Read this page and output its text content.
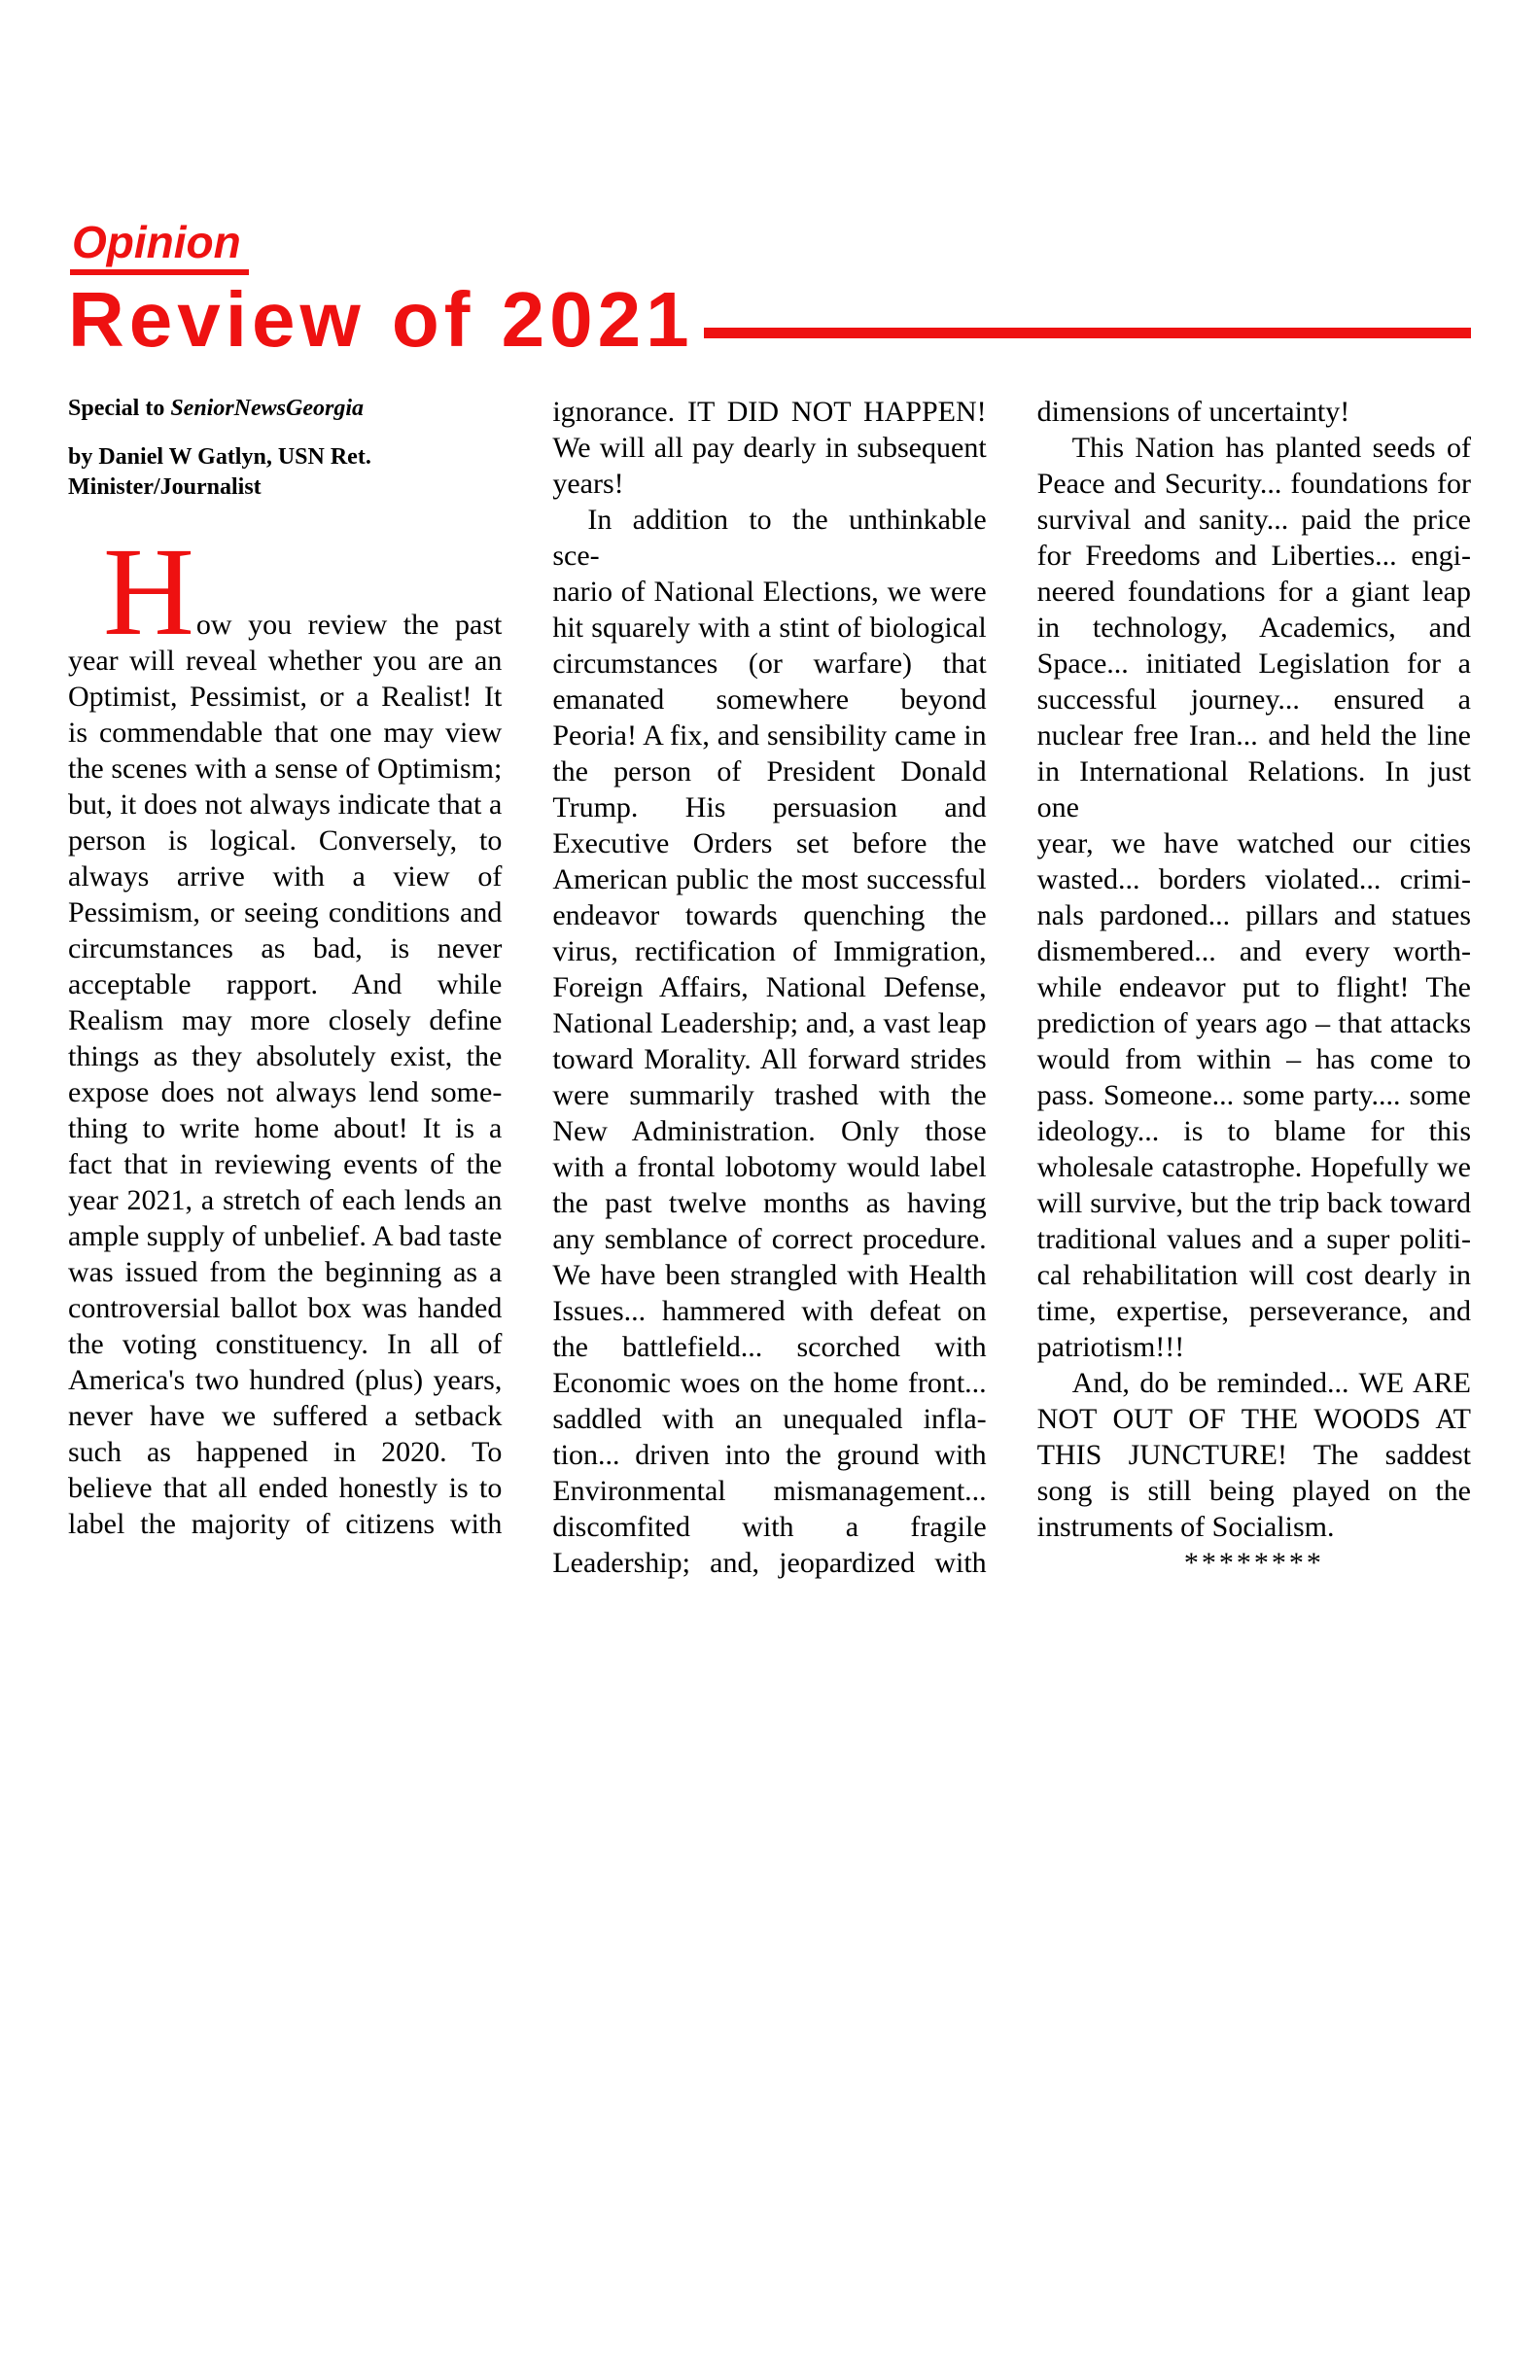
Opinion
Review of 2021
Special to SeniorNewsGeorgia
by Daniel W Gatlyn, USN Ret.
Minister/Journalist
H ow you review the past
year will reveal whether you are an
Optimist, Pessimist, or a Realist! It
is commendable that one may view
the scenes with a sense of Optimism;
but, it does not always indicate that a
person is logical. Conversely, to
always arrive with a view of
Pessimism, or seeing conditions and
circumstances as bad, is never
acceptable rapport. And while
Realism may more closely define
things as they absolutely exist, the
expose does not always lend some-
thing to write home about! It is a
fact that in reviewing events of the
year 2021, a stretch of each lends an
ample supply of unbelief. A bad taste
was issued from the beginning as a
controversial ballot box was handed
the voting constituency. In all of
America's two hundred (plus) years,
never have we suffered a setback
such as happened in 2020. To
believe that all ended honestly is to
label the majority of citizens with
ignorance. IT DID NOT HAPPEN!
We will all pay dearly in subsequent
years!
In addition to the unthinkable sce-
nario of National Elections, we were
hit squarely with a stint of biological
circumstances (or warfare) that
emanated somewhere beyond
Peoria! A fix, and sensibility came in
the person of President Donald
Trump. His persuasion and
Executive Orders set before the
American public the most successful
endeavor towards quenching the
virus, rectification of Immigration,
Foreign Affairs, National Defense,
National Leadership; and, a vast leap
toward Morality. All forward strides
were summarily trashed with the
New Administration. Only those
with a frontal lobotomy would label
the past twelve months as having
any semblance of correct procedure.
We have been strangled with Health
Issues... hammered with defeat on
the battlefield... scorched with
Economic woes on the home front...
saddled with an unequaled infla-
tion... driven into the ground with
Environmental mismanagement...
discomfited with a fragile
Leadership; and, jeopardized with
dimensions of uncertainty!
This Nation has planted seeds of
Peace and Security... foundations for
survival and sanity... paid the price
for Freedoms and Liberties... engi-
neered foundations for a giant leap
in technology, Academics, and
Space... initiated Legislation for a
successful journey... ensured a
nuclear free Iran... and held the line
in International Relations. In just one
year, we have watched our cities
wasted... borders violated... crimi-
nals pardoned... pillars and statues
dismembered... and every worth-
while endeavor put to flight! The
prediction of years ago – that attacks
would from within – has come to
pass. Someone... some party.... some
ideology... is to blame for this
wholesale catastrophe. Hopefully we
will survive, but the trip back toward
traditional values and a super politi-
cal rehabilitation will cost dearly in
time, expertise, perseverance, and
patriotism!!!
And, do be reminded... WE ARE
NOT OUT OF THE WOODS AT
THIS JUNCTURE! The saddest
song is still being played on the
instruments of Socialism.
********
